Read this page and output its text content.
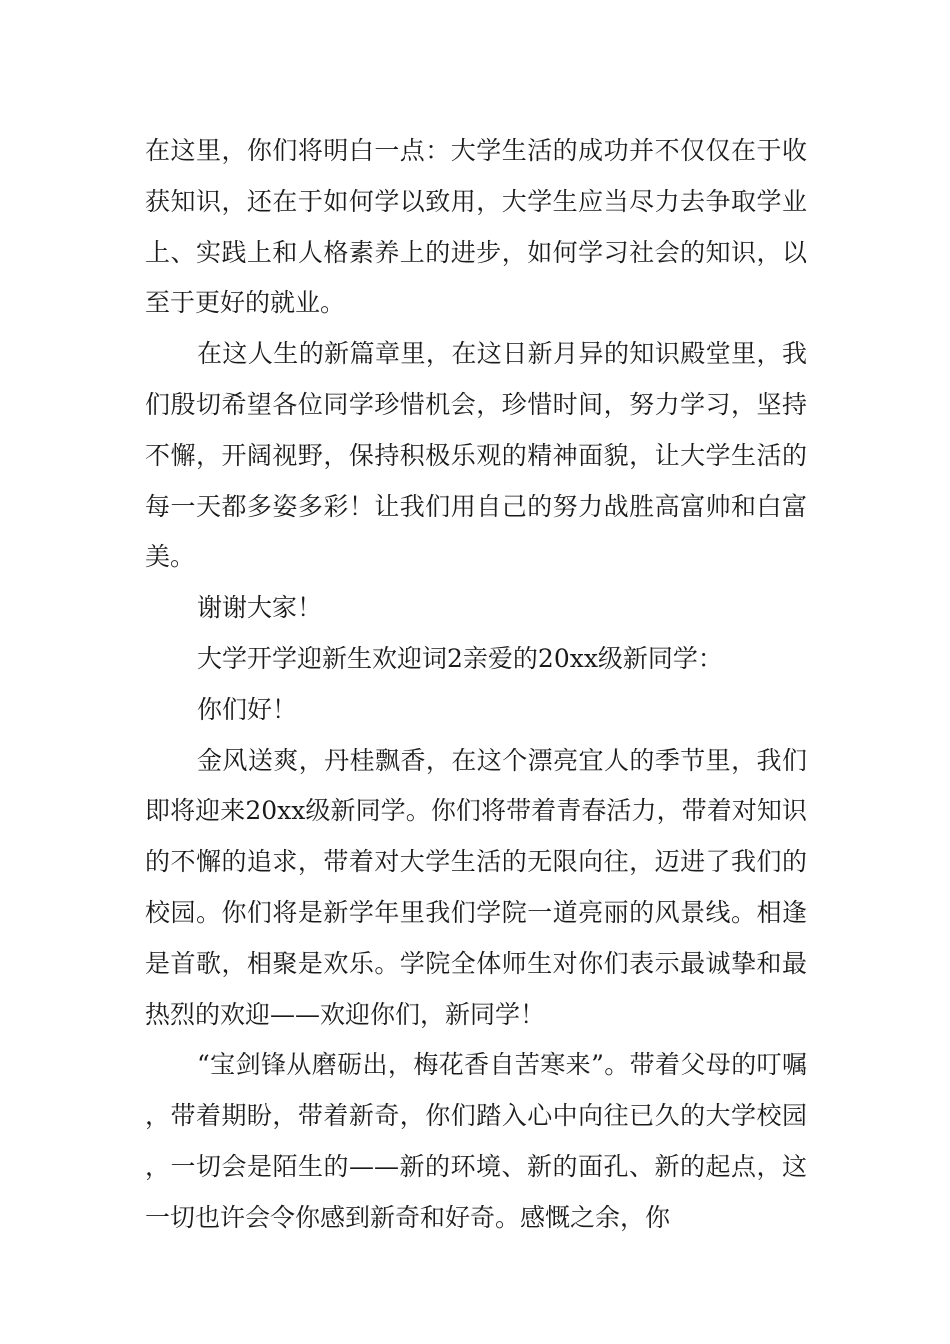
在这里，你们将明白一点：大学生活的成功并不仅仅在于收获知识，还在于如何学以致用，大学生应当尽力去争取学业上、实践上和人格素养上的进步，如何学习社会的知识，以至于更好的就业。

在这人生的新篇章里，在这日新月异的知识殿堂里，我们殷切希望各位同学珍惜机会，珍惜时间，努力学习，坚持不懈，开阔视野，保持积极乐观的精神面貌，让大学生活的每一天都多姿多彩！让我们用自己的努力战胜高富帅和白富美。

谢谢大家！

大学开学迎新生欢迎词2亲爱的20xx级新同学：

你们好！

金风送爽，丹桂飘香，在这个漂亮宜人的季节里，我们即将迎来20xx级新同学。你们将带着青春活力，带着对知识的不懈的追求，带着对大学生活的无限向往，迈进了我们的校园。你们将是新学年里我们学院一道亮丽的风景线。相逢是首歌，相聚是欢乐。学院全体师生对你们表示最诚挚和最热烈的欢迎——欢迎你们，新同学！

“宝剑锋从磨砺出，梅花香自苦寒来”。带着父母的叮嘱，带着期盼，带着新奇，你们踏入心中向往已久的大学校园，一切会是陌生的——新的环境、新的面孔、新的起点，这一切也许会令你感到新奇和好奇。感慨之余，你
